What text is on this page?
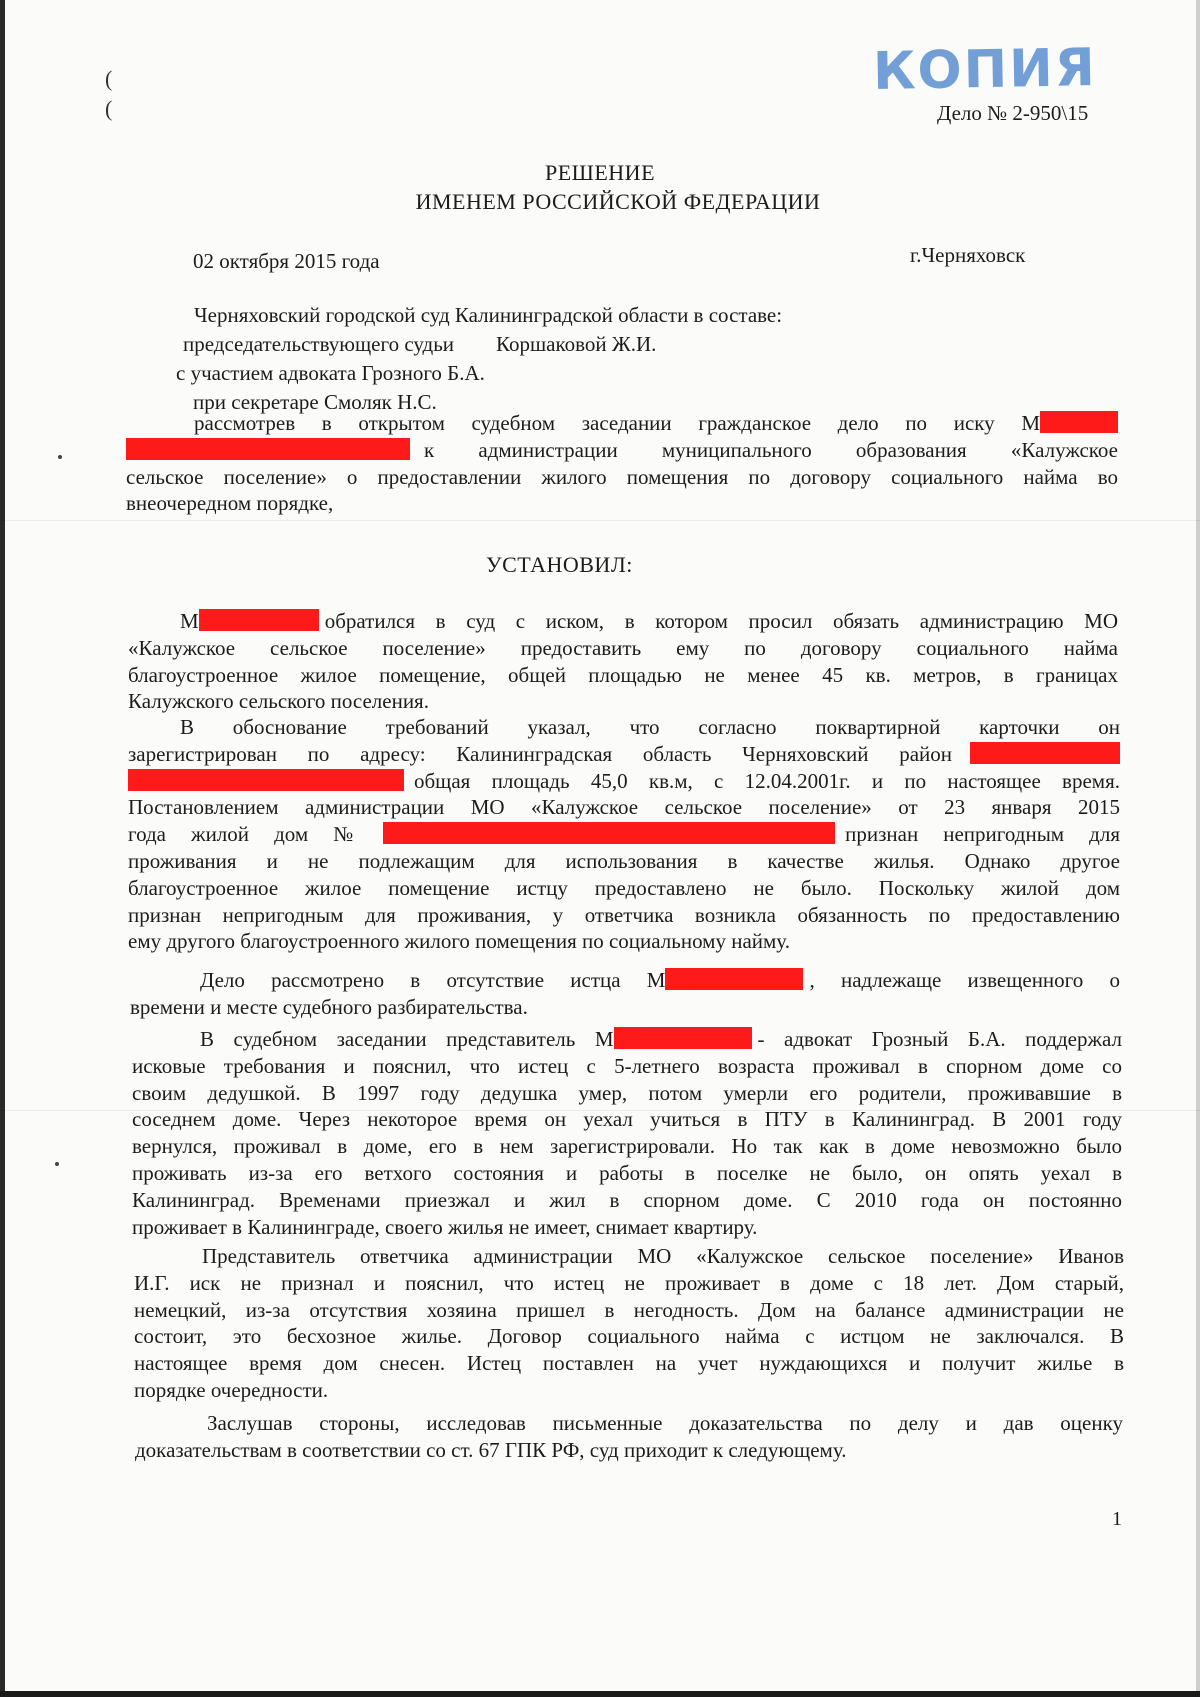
(
(
КОПИЯ
Дело № 2-950\15
РЕШЕНИЕ
ИМЕНЕМ РОССИЙСКОЙ ФЕДЕРАЦИИ
02 октября 2015 года	г.Черняховск
Черняховский городской суд Калининградской области в составе:
председательствующего судьи        Коршаковой Ж.И.
с участием адвоката Грозного Б.А.
при секретаре Смоляк Н.С.
рассмотрев в открытом судебном заседании гражданское дело по иску М
к администрации муниципального образования «Калужское
сельское поселение» о предоставлении жилого помещения по договору социального найма во
внеочередном порядке,
УСТАНОВИЛ:
М	обратился в суд с иском, в котором просил обязать администрацию МО
«Калужское сельское поселение» предоставить ему по договору социального найма
благоустроенное жилое помещение, общей площадью не менее 45 кв. метров, в границах
Калужского сельского поселения.
В обоснование требований указал, что согласно поквартирной карточки он
зарегистрирован по адресу: Калининградская область Черняховский район
общая площадь 45,0 кв.м, с 12.04.2001г. и по настоящее время.
Постановлением администрации МО «Калужское сельское поселение» от 23 января 2015
года жилой дом №	признан непригодным для
проживания и не подлежащим для использования в качестве жилья. Однако другое
благоустроенное жилое помещение истцу предоставлено не было. Поскольку жилой дом
признан непригодным для проживания, у ответчика возникла обязанность по предоставлению
ему другого благоустроенного жилого помещения по социальному найму.
Дело рассмотрено в отсутствие истца М	, надлежаще извещенного о
времени и месте судебного разбирательства.
В судебном заседании представитель М	- адвокат Грозный Б.А. поддержал
исковые требования и пояснил, что истец с 5-летнего возраста проживал в спорном доме со
своим дедушкой. В 1997 году дедушка умер, потом умерли его родители, проживавшие в
соседнем доме. Через некоторое время он уехал учиться в ПТУ в Калининград. В 2001 году
вернулся, проживал в доме, его в нем зарегистрировали. Но так как в доме невозможно было
проживать из-за его ветхого состояния и работы в поселке не было, он опять уехал в
Калининград. Временами приезжал и жил в спорном доме. С 2010 года он постоянно
проживает в Калининграде, своего жилья не имеет, снимает квартиру.
Представитель ответчика администрации МО «Калужское сельское поселение» Иванов
И.Г. иск не признал и пояснил, что истец не проживает в доме с 18 лет. Дом старый,
немецкий, из-за отсутствия хозяина пришел в негодность. Дом на балансе администрации не
состоит, это бесхозное жилье. Договор социального найма с истцом не заключался. В
настоящее время дом снесен. Истец поставлен на учет нуждающихся и получит жилье в
порядке очередности.
Заслушав стороны, исследовав письменные доказательства по делу и дав оценку
доказательствам в соответствии со ст. 67 ГПК РФ, суд приходит к следующему.
1
